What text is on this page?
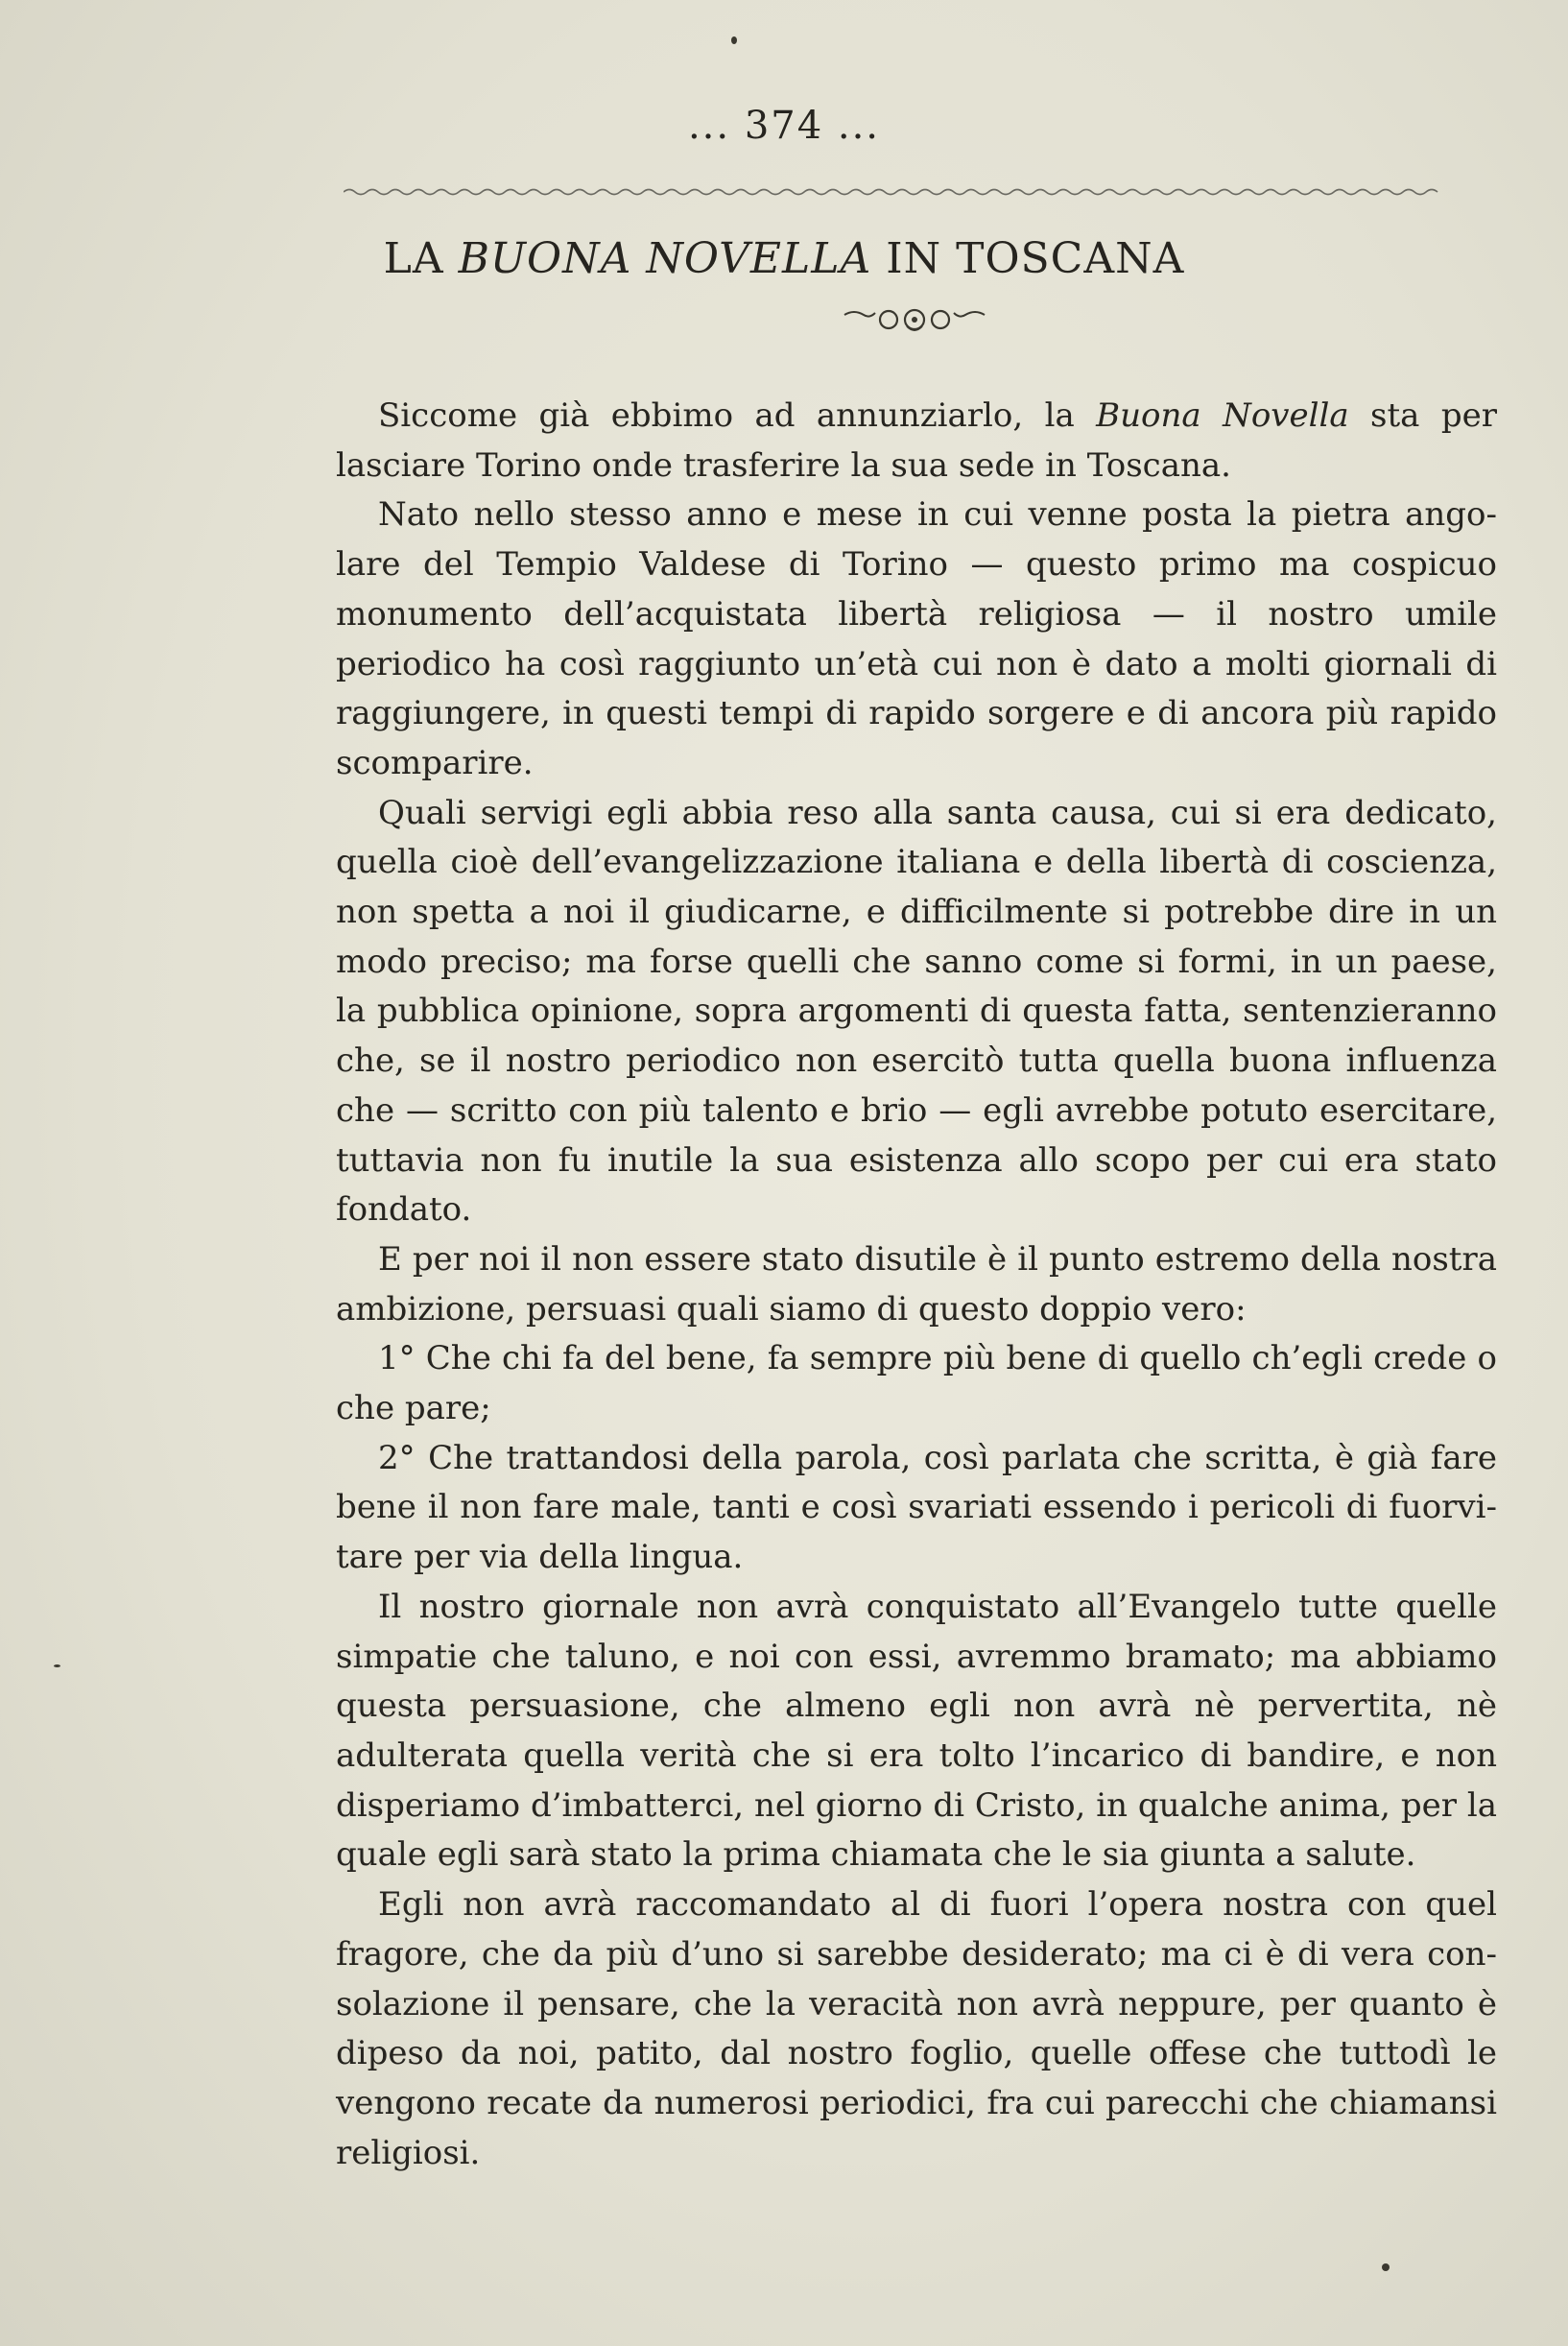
... 374 ...
LA BUONA NOVELLA IN TOSCANA

Siccome già ebbimo ad annunziarlo, la Buona Novella sta per lasciare Torino onde trasferire la sua sede in Toscana.

Nato nello stesso anno e mese in cui venne posta la pietra angolare del Tempio Valdese di Torino — questo primo ma cospicuo monumento dell’acquistata libertà religiosa — il nostro umile periodico ha così raggiunto un’età cui non è dato a molti giornali di raggiungere, in questi tempi di rapido sorgere e di ancora più rapido scomparire.

Quali servigi egli abbia reso alla santa causa, cui si era dedicato, quella cioè dell’evangelizzazione italiana e della libertà di coscienza, non spetta a noi il giudicarne, e difficilmente si potrebbe dire in un modo preciso; ma forse quelli che sanno come si formi, in un paese, la pubblica opinione, sopra argomenti di questa fatta, sentenzieranno che, se il nostro periodico non esercitò tutta quella buona influenza che — scritto con più talento e brio — egli avrebbe potuto esercitare, tuttavia non fu inutile la sua esistenza allo scopo per cui era stato fondato.

E per noi il non essere stato disutile è il punto estremo della nostra ambizione, persuasi quali siamo di questo doppio vero:

1° Che chi fa del bene, fa sempre più bene di quello ch’egli crede o che pare;

2° Che trattandosi della parola, così parlata che scritta, è già fare bene il non fare male, tanti e così svariati essendo i pericoli di fuorvitare per via della lingua.

Il nostro giornale non avrà conquistato all’Evangelo tutte quelle simpatie che taluno, e noi con essi, avremmo bramato; ma abbiamo questa persuasione, che almeno egli non avrà nè pervertita, nè adulterata quella verità che si era tolto l’incarico di bandire, e non disperiamo d’imbatterci, nel giorno di Cristo, in qualche anima, per la quale egli sarà stato la prima chiamata che le sia giunta a salute.

Egli non avrà raccomandato al di fuori l’opera nostra con quel fragore, che da più d’uno si sarebbe desiderato; ma ci è di vera consolazione il pensare, che la veracità non avrà neppure, per quanto è dipeso da noi, patito, dal nostro foglio, quelle offese che tuttodì le vengono recate da numerosi periodici, fra cui parecchi che chiamansi religiosi.
